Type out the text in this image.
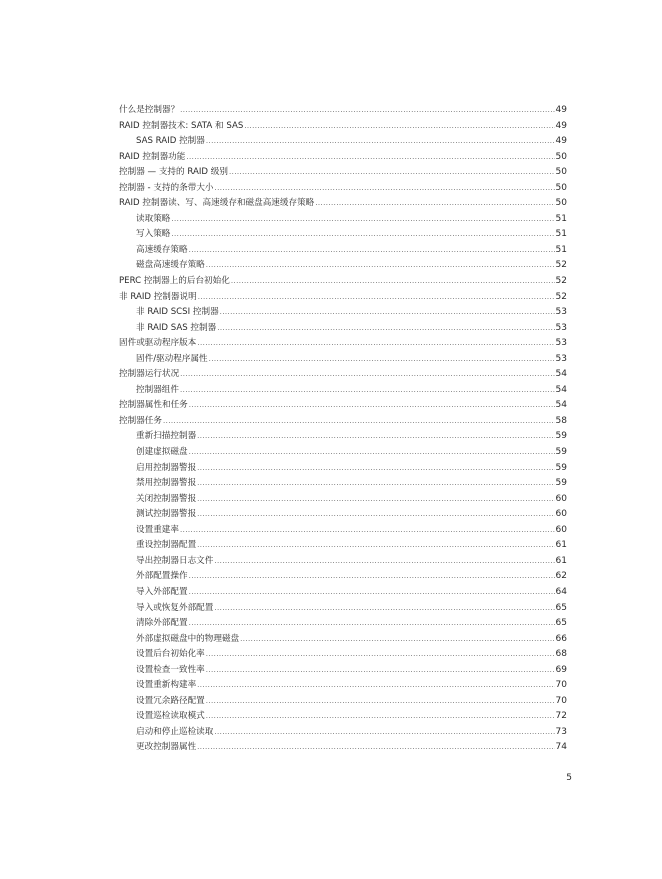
什么是控制器？ .....	49
RAID 控制器技术: SATA 和 SAS .....	49
SAS RAID 控制器 .....	49
RAID 控制器功能 .....	50
控制器 — 支持的 RAID 级别 .....	50
控制器 - 支持的条带大小 .....	50
RAID 控制器读、写、高速缓存和磁盘高速缓存策略 .....	50
读取策略 .....	51
写入策略 .....	51
高速缓存策略 .....	51
磁盘高速缓存策略 .....	52
PERC 控制器上的后台初始化 .....	52
非 RAID 控制器说明 .....	52
非 RAID SCSI 控制器 .....	53
非 RAID SAS 控制器 .....	53
固件或驱动程序版本 .....	53
固件/驱动程序属性 .....	53
控制器运行状况 .....	54
控制器组件 .....	54
控制器属性和任务 .....	54
控制器任务 .....	58
重新扫描控制器 .....	59
创建虚拟磁盘 .....	59
启用控制器警报 .....	59
禁用控制器警报 .....	59
关闭控制器警报 .....	60
测试控制器警报 .....	60
设置重建率 .....	60
重设控制器配置 .....	61
导出控制器日志文件 .....	61
外部配置操作 .....	62
导入外部配置 .....	64
导入或恢复外部配置 .....	65
清除外部配置 .....	65
外部虚拟磁盘中的物理磁盘 .....	66
设置后台初始化率 .....	68
设置检查一致性率 .....	69
设置重新构建率 .....	70
设置冗余路径配置 .....	70
设置巡检读取模式 .....	72
启动和停止巡检读取 .....	73
更改控制器属性 .....	74
5
